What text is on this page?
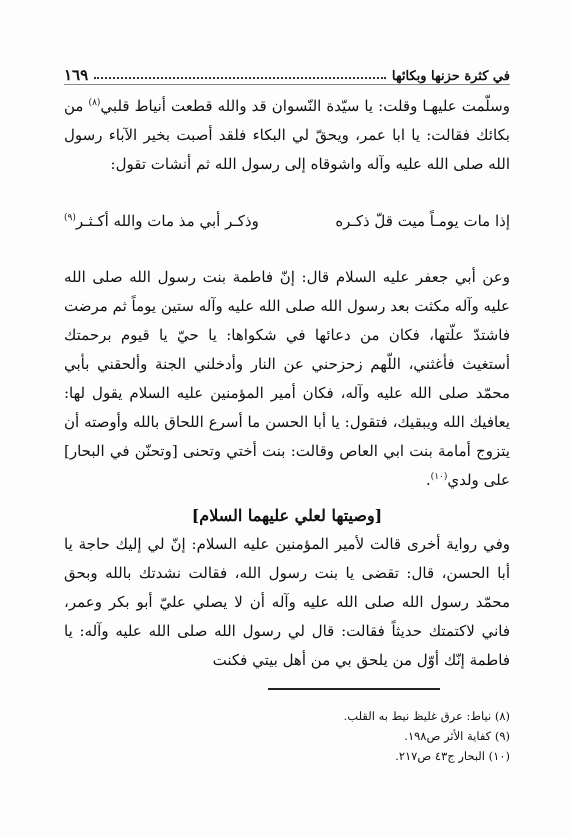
في كثرة حزنها وبكائها
١٦٩
وسلّمت عليهـا وقلت: يا سيّدة النّسوان قد والله قطعت أنياط قلبي$^{(٨)}$ من بكائك فقالت: يا ابا عمر، ويحقّ لي البكاء فلقد أصبت بخير الآباء رسول الله صلى الله عليه وآله واشوقاه إلى رسول الله ثم أنشات تقول:
إذا مات يومـاً ميت قلّ ذكـره
وذكـر أبي مذ مات والله أكـثـر$^{(٩)}$
وعن أبي جعفر عليه السلام قال: إنّ فاطمة بنت رسول الله صلى الله عليه وآله مكثت بعد رسول الله صلى الله عليه وآله ستين يوماً ثم مرضت فاشتدّ علّتها، فكان من دعائها في شكواها: يا حيّ يا قيوم برحمتك أستغيث فأغثني، اللّهم زحزحني عن النار وأدخلني الجنة وألحقني بأبي محمّد صلى الله عليه وآله، فكان أمير المؤمنين عليه السلام يقول لها: يعافيك الله ويبقيك، فتقول: يا أبا الحسن ما أسرع اللحاق بالله وأوصته أن يتزوج أمامة بنت ابي العاص وقالت: بنت أختي وتحنى [وتحنّن في البحار] على ولدي$^{(١٠)}$.
[وصيتها لعلي عليهما السلام]
وفي رواية أخرى قالت لأمير المؤمنين عليه السلام: إنّ لي إليك حاجة يا أبا الحسن، قال: تقضى يا بنت رسول الله، فقالت نشدتك بالله وبحق محمّد رسول الله صلى الله عليه وآله أن لا يصلي عليّ أبو بكر وعمر، فاني لاكتمتك حديثاً فقالت: قال لي رسول الله صلى الله عليه وآله: يا فاطمة إنّك أوّل من يلحق بي من أهل بيتي فكنت
(٨) نياط: عرق غليظ نيط به القلب.
(٩) كفاية الأثر ص١٩٨.
(١٠) البحار ج٤٣ ص٢١٧.
